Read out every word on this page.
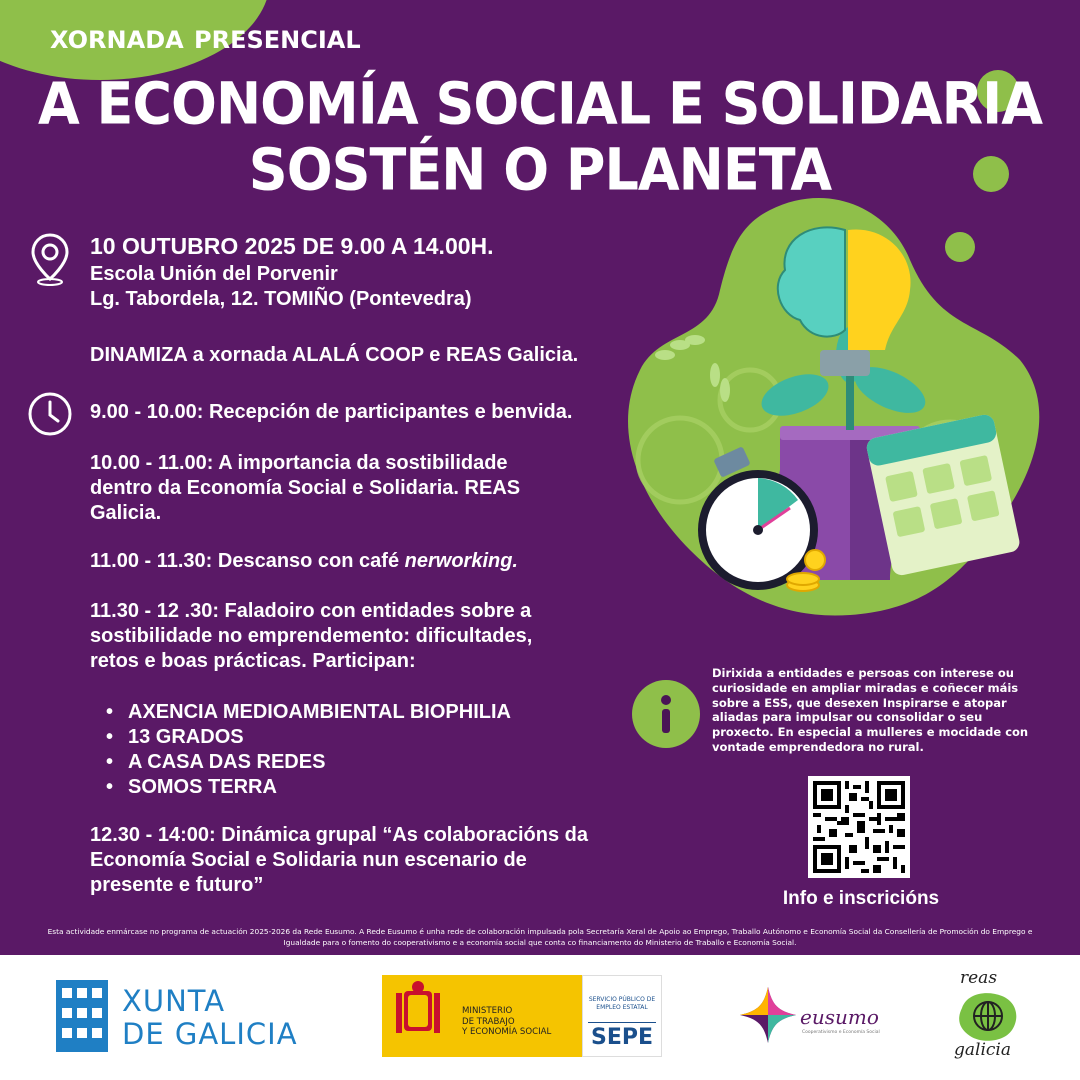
XORNADA PRESENCIAL
A ECONOMÍA SOCIAL E SOLIDARIA
SOSTÉN O PLANETA
10 OUTUBRO 2025 DE 9.00 A 14.00H.
Escola Unión del Porvenir
Lg. Tabordela, 12. TOMIÑO (Pontevedra)
DINAMIZA a xornada ALALÁ COOP e REAS Galicia.
9.00 - 10.00: Recepción de participantes e benvida.
10.00 - 11.00: A importancia da sostibilidade dentro da Economía Social e Solidaria. REAS Galicia.
11.00 - 11.30: Descanso con café nerworking.
11.30 - 12 .30: Faladoiro con entidades sobre a sostibilidade no emprendemento: dificultades, retos e boas prácticas. Participan:
• AXENCIA MEDIOAMBIENTAL BIOPHILIA
• 13 GRADOS
• A CASA DAS REDES
• SOMOS TERRA
12.30 - 14:00: Dinámica grupal “As colaboracións da Economía Social e Solidaria nun escenario de presente e futuro”
Dirixida a entidades e persoas con interese ou curiosidade en ampliar miradas e coñecer máis sobre a ESS, que desexen Inspirarse e atopar aliadas para impulsar ou consolidar o seu proxecto. En especial a mulleres e mocidade con vontade emprendedora no rural.
Info e inscricións
Esta actividade enmárcase no programa de actuación 2025-2026 da Rede Eusumo. A Rede Eusumo é unha rede de colaboración impulsada pola Secretaría Xeral de Apoio ao Emprego, Traballo Autónomo e Economía Social da Consellería de Promoción do Emprego e Igualdade para o fomento do cooperativismo e a economía social que conta co financiamento do Ministerio de Traballo e Economía Social.
XUNTA
DE GALICIA
MINISTERIO
DE TRABAJO
Y ECONOMÍA SOCIAL
SERVICIO PÚBLICO DE EMPLEO ESTATAL
SEPE
eusumo
Cooperativismo e Economía Social
reas
galicia
